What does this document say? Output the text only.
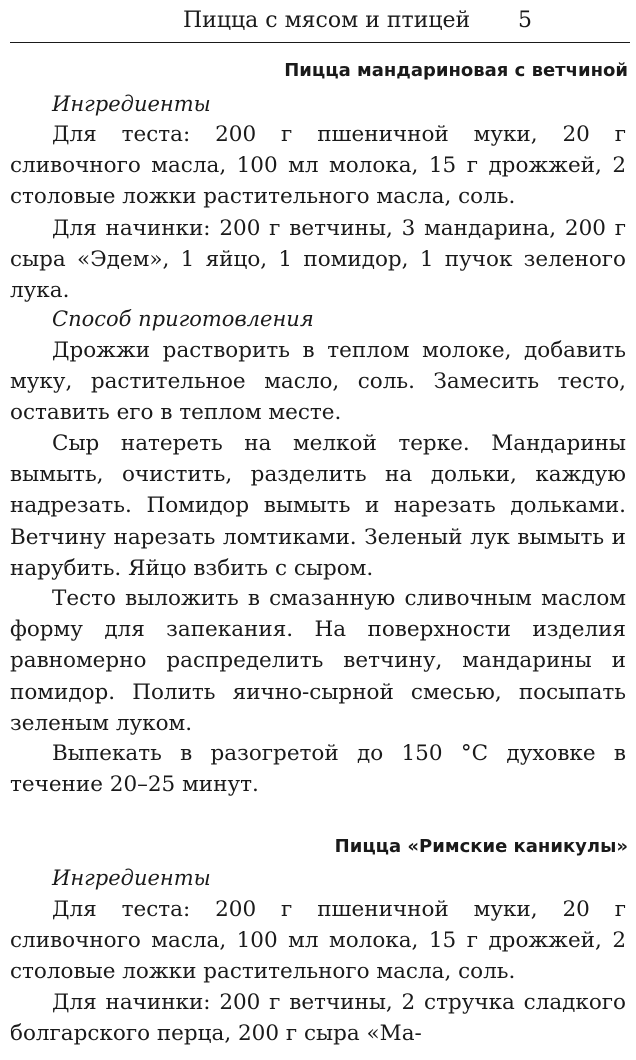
Пицца с мясом и птицей 5
Пицца мандариновая с ветчиной
Ингредиенты

Для теста: 200 г пшеничной муки, 20 г сливочного масла, 100 мл молока, 15 г дрожжей, 2 столовые ложки растительного масла, соль.

Для начинки: 200 г ветчины, 3 мандарина, 200 г сыра «Эдем», 1 яйцо, 1 помидор, 1 пучок зеленого лука.

Способ приготовления

Дрожжи растворить в теплом молоке, добавить муку, растительное масло, соль. Замесить тесто, оставить его в теплом месте.

Сыр натереть на мелкой терке. Мандарины вымыть, очистить, разделить на дольки, каждую надрезать. Помидор вымыть и нарезать дольками. Ветчину нарезать ломтиками. Зеленый лук вымыть и нарубить. Яйцо взбить с сыром.

Тесто выложить в смазанную сливочным маслом форму для запекания. На поверхности изделия равномерно распределить ветчину, мандарины и помидор. Полить яично-сырной смесью, посыпать зеленым луком.

Выпекать в разогретой до 150 °С духовке в течение 20–25 минут.

Пицца «Римские каникулы»
Ингредиенты

Для теста: 200 г пшеничной муки, 20 г сливочного масла, 100 мл молока, 15 г дрожжей, 2 столовые ложки растительного масла, соль.

Для начинки: 200 г ветчины, 2 стручка сладкого болгарского перца, 200 г сыра «Ма-
